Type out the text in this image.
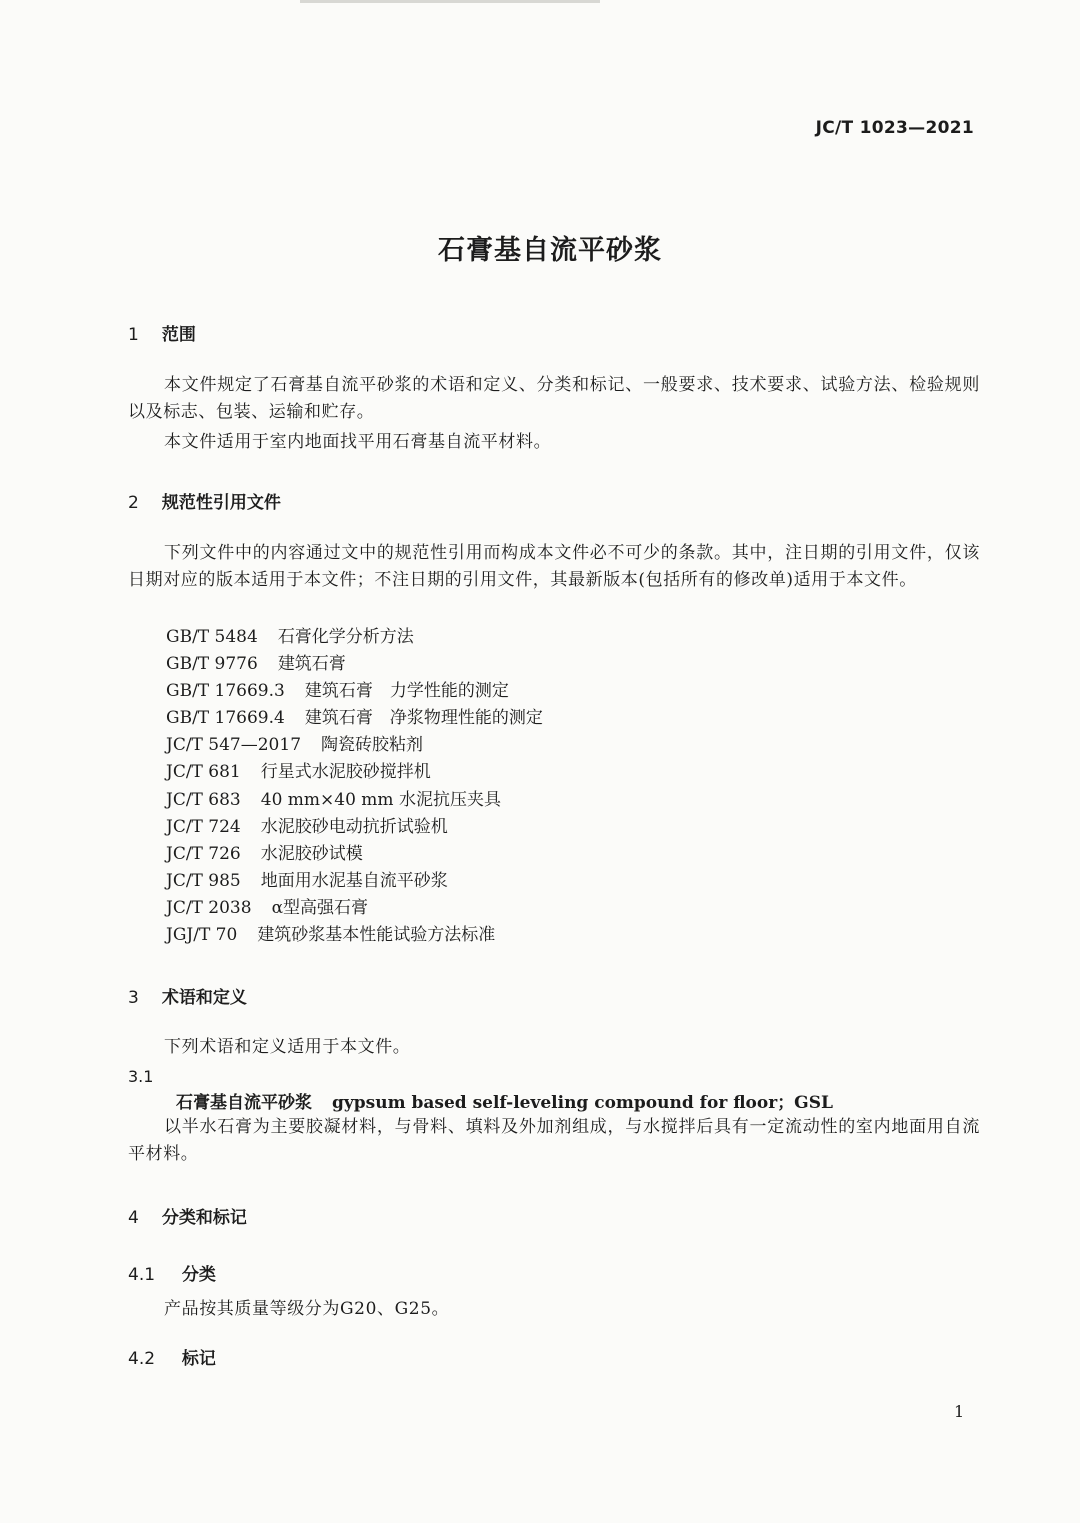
JC/T 1023—2021
石膏基自流平砂浆
1 范围
本文件规定了石膏基自流平砂浆的术语和定义、分类和标记、一般要求、技术要求、试验方法、检验规则以及标志、包装、运输和贮存。
本文件适用于室内地面找平用石膏基自流平材料。
2 规范性引用文件
下列文件中的内容通过文中的规范性引用而构成本文件必不可少的条款。其中，注日期的引用文件，仅该日期对应的版本适用于本文件；不注日期的引用文件，其最新版本(包括所有的修改单)适用于本文件。
GB/T 5484 石膏化学分析方法
GB/T 9776 建筑石膏
GB/T 17669.3 建筑石膏　力学性能的测定
GB/T 17669.4 建筑石膏　净浆物理性能的测定
JC/T 547—2017 陶瓷砖胶粘剂
JC/T 681 行星式水泥胶砂搅拌机
JC/T 683 40 mm×40 mm 水泥抗压夹具
JC/T 724 水泥胶砂电动抗折试验机
JC/T 726 水泥胶砂试模
JC/T 985 地面用水泥基自流平砂浆
JC/T 2038 α型高强石膏
JGJ/T 70 建筑砂浆基本性能试验方法标准
3 术语和定义
下列术语和定义适用于本文件。
3.1
石膏基自流平砂浆 gypsum based self-leveling compound for floor；GSL
以半水石膏为主要胶凝材料，与骨料、填料及外加剂组成，与水搅拌后具有一定流动性的室内地面用自流平材料。
4 分类和标记
4.1 分类
产品按其质量等级分为G20、G25。
4.2 标记
1
